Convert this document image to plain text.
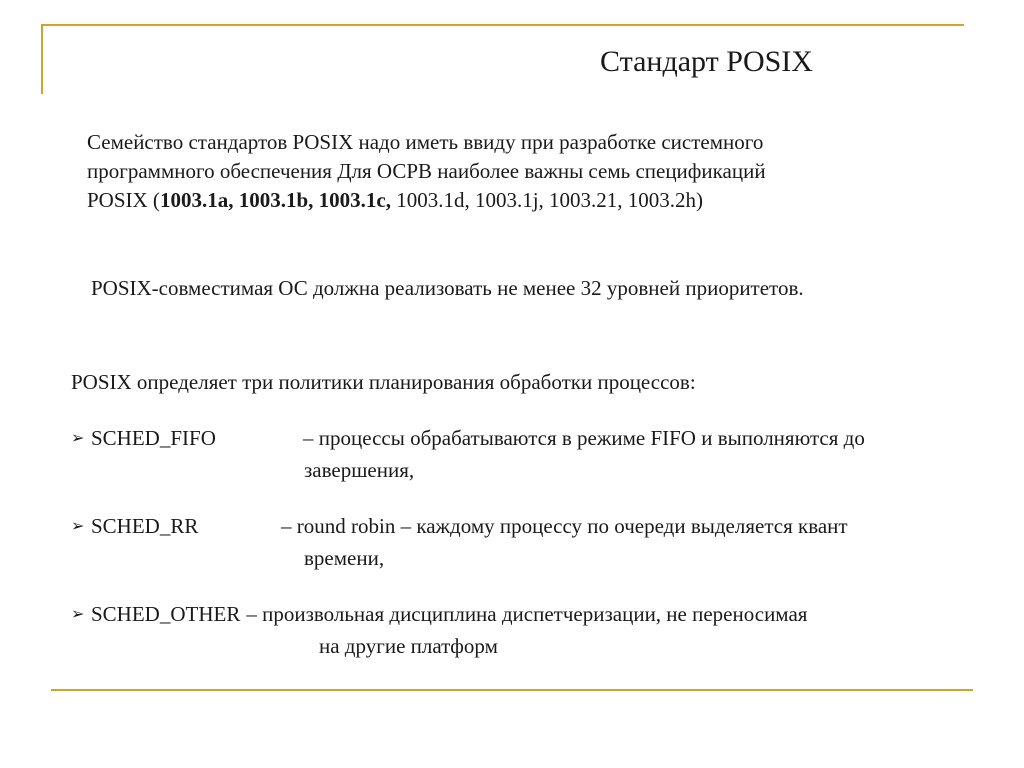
Стандарт POSIX
Семейство стандартов POSIX надо иметь ввиду при разработке системного
программного обеспечения Для ОСРВ наиболее важны семь спецификаций
POSIX (1003.1a, 1003.1b, 1003.1c, 1003.1d, 1003.1j, 1003.21, 1003.2h)
POSIX-совместимая ОС должна реализовать не менее 32 уровней приоритетов.
POSIX определяет три политики планирования обработки процессов:
➢ SCHED_FIFO	– процессы обрабатываются в режиме FIFO и выполняются до
завершения,
➢ SCHED_RR	– round robin – каждому процессу по очереди выделяется квант
времени,
➢ SCHED_OTHER – произвольная дисциплина диспетчеризации, не переносимая
на другие платформ
